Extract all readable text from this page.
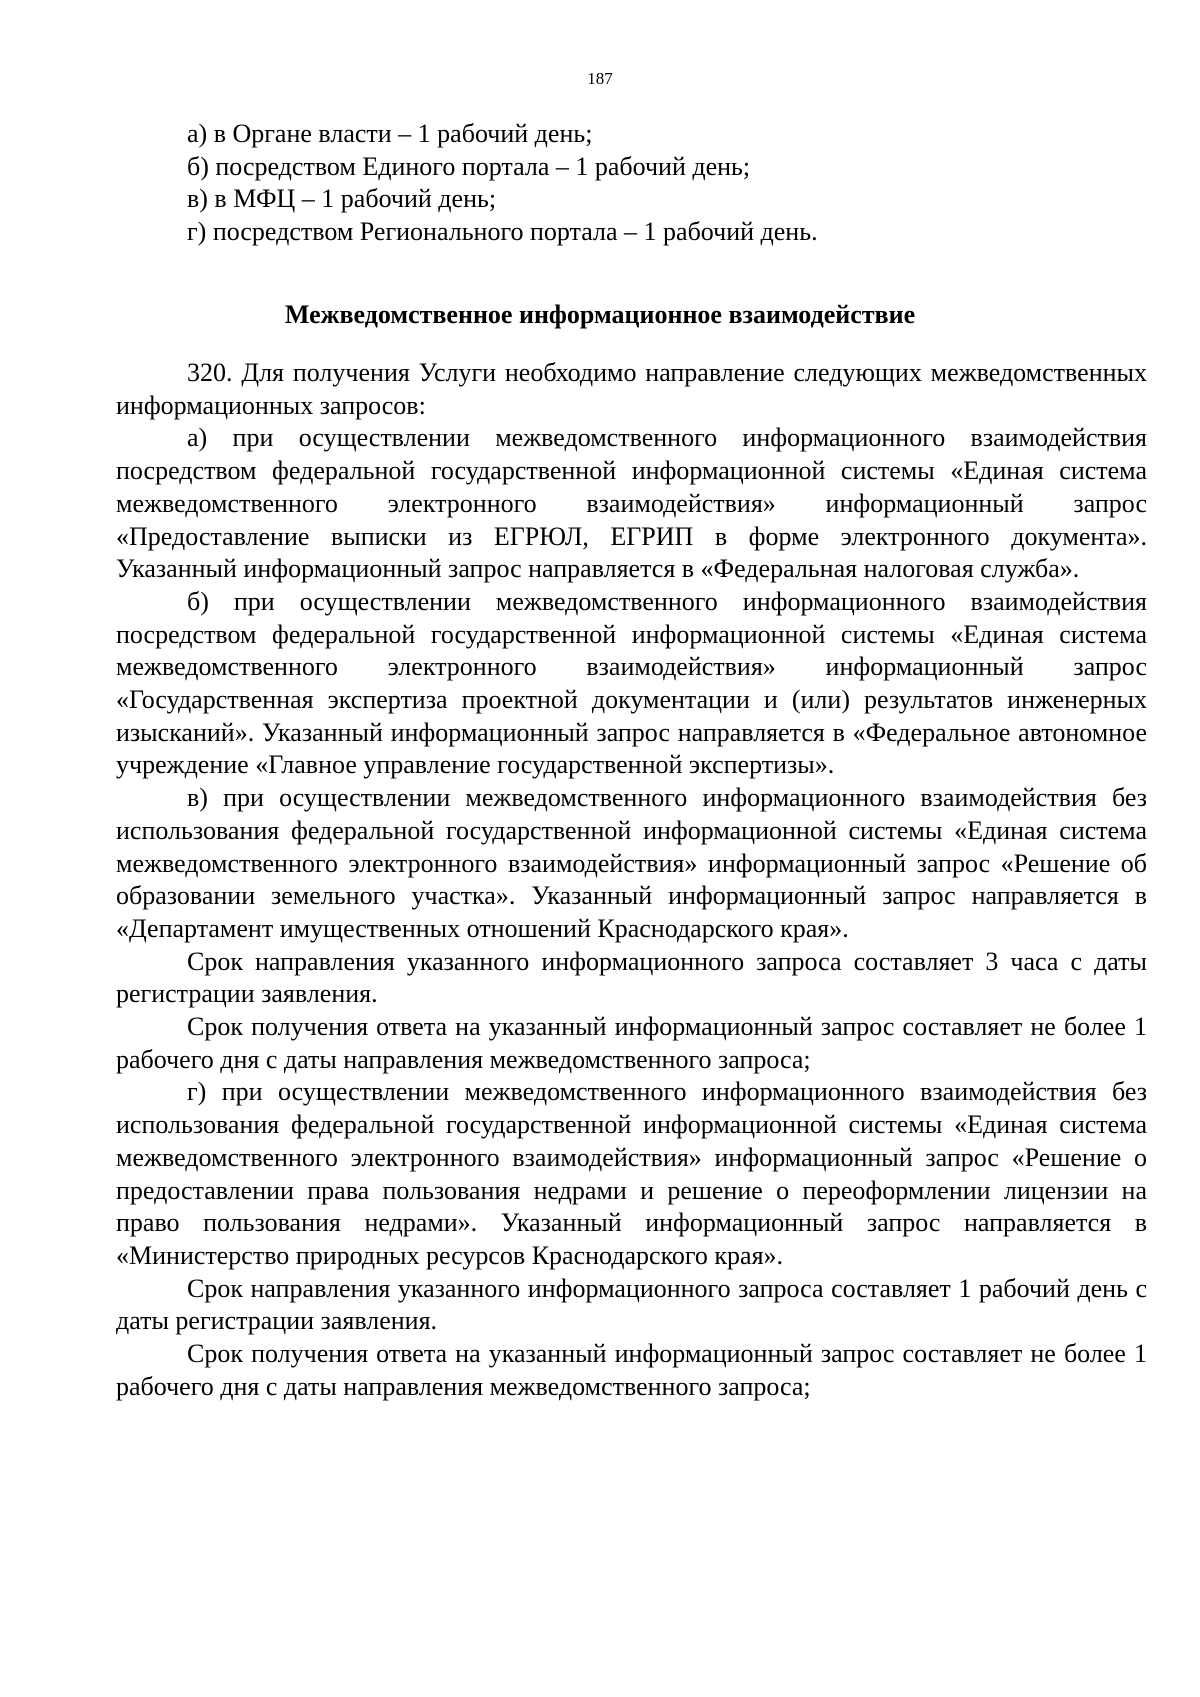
187
а) в Органе власти – 1 рабочий день;
б) посредством Единого портала – 1 рабочий день;
в) в МФЦ – 1 рабочий день;
г) посредством Регионального портала – 1 рабочий день.
Межведомственное информационное взаимодействие

320. Для получения Услуги необходимо направление следующих межведомственных информационных запросов:

а) при осуществлении межведомственного информационного взаимодействия посредством федеральной государственной информационной системы «Единая система межведомственного электронного взаимодействия» информационный запрос «Предоставление выписки из ЕГРЮЛ, ЕГРИП в форме электронного документа». Указанный информационный запрос направляется в «Федеральная налоговая служба».

б) при осуществлении межведомственного информационного взаимодействия посредством федеральной государственной информационной системы «Единая система межведомственного электронного взаимодействия» информационный запрос «Государственная экспертиза проектной документации и (или) результатов инженерных изысканий». Указанный информационный запрос направляется в «Федеральное автономное учреждение «Главное управление государственной экспертизы».

в) при осуществлении межведомственного информационного взаимодействия без использования федеральной государственной информационной системы «Единая система межведомственного электронного взаимодействия» информационный запрос «Решение об образовании земельного участка». Указанный информационный запрос направляется в «Департамент имущественных отношений Краснодарского края».

Срок направления указанного информационного запроса составляет 3 часа с даты регистрации заявления.

Срок получения ответа на указанный информационный запрос составляет не более 1 рабочего дня с даты направления межведомственного запроса;

г) при осуществлении межведомственного информационного взаимодействия без использования федеральной государственной информационной системы «Единая система межведомственного электронного взаимодействия» информационный запрос «Решение о предоставлении права пользования недрами и решение о переоформлении лицензии на право пользования недрами». Указанный информационный запрос направляется в «Министерство природных ресурсов Краснодарского края».

Срок направления указанного информационного запроса составляет 1 рабочий день с даты регистрации заявления.

Срок получения ответа на указанный информационный запрос составляет не более 1 рабочего дня с даты направления межведомственного запроса;
